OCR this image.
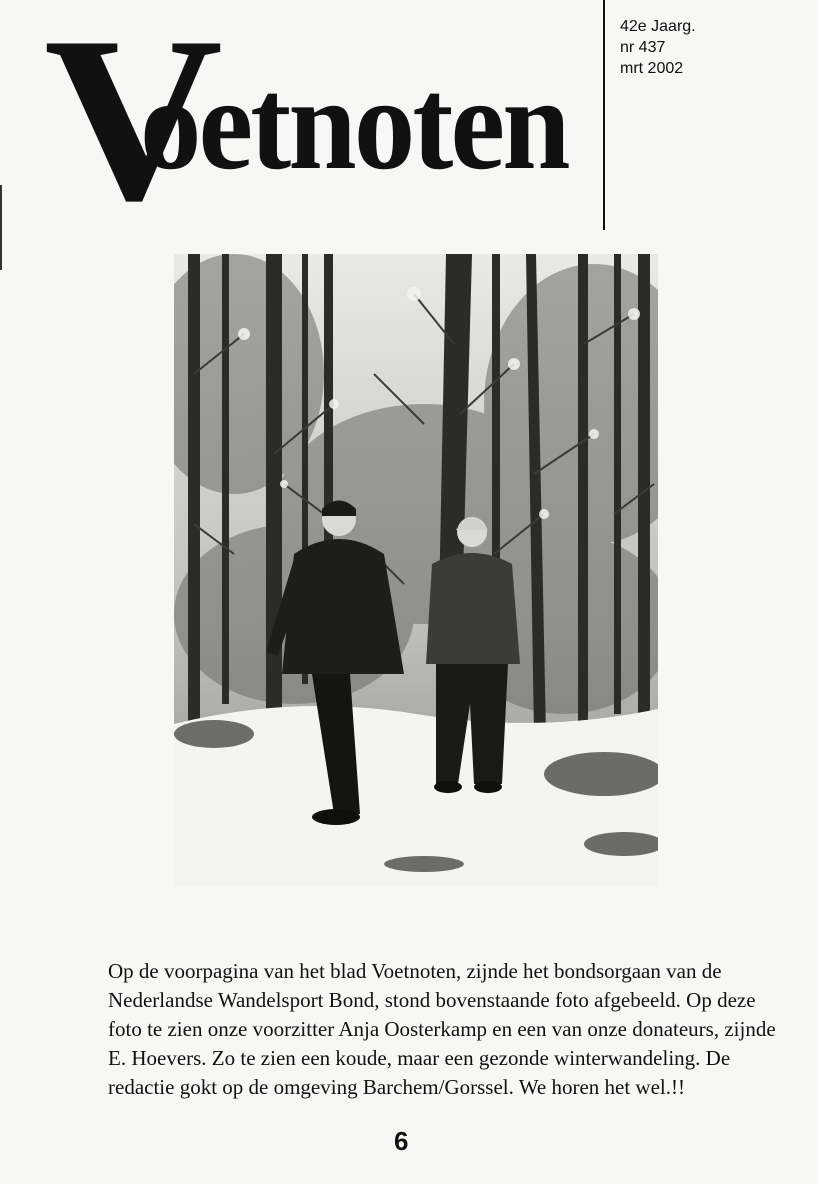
V
oetnoten
42e Jaarg.
nr 437
mrt 2002

Op de voorpagina van het blad Voetnoten, zijnde het bondsorgaan van de Nederlandse Wandelsport Bond, stond bovenstaande foto afgebeeld. Op deze foto te zien onze voorzitter Anja Oosterkamp en een van onze donateurs, zijnde E. Hoevers. Zo te zien een koude, maar een gezonde winterwandeling. De redactie gokt op de omgeving Barchem/Gorssel. We horen het wel.!!

6
